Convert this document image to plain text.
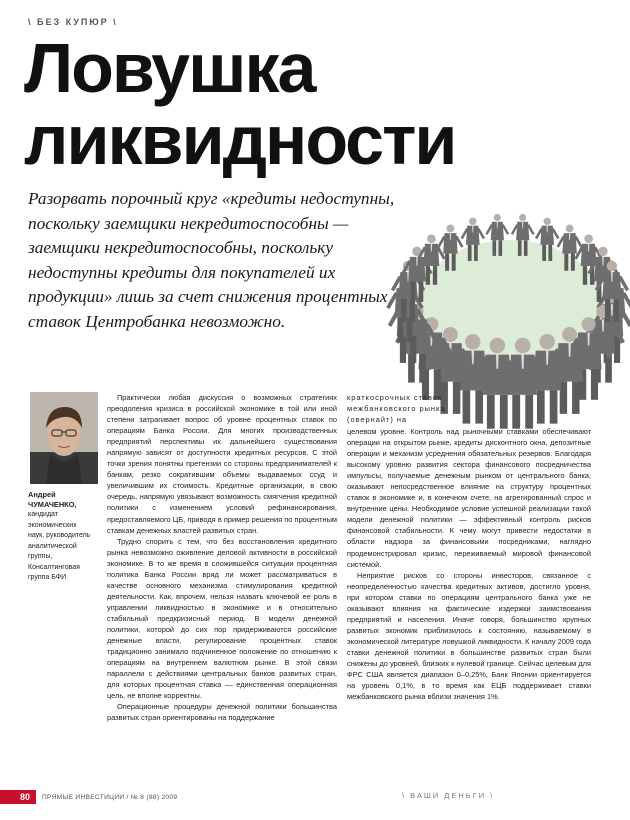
\ БЕЗ КУПЮР \
Ловушка
ликвидности
Разорвать порочный круг «кредиты недоступны, поскольку заемщики некредитоспособны — заемщики некредитоспособны, поскольку недоступны кредиты для покупателей их продукции» лишь за счет снижения процентных ставок Центробанка невозможно.
Андрей ЧУМАЧЕНКО,
кандидат
экономических
наук, руководитель
аналитической
группы,
Консалтинговая
группа БФИ

Практически любая дискуссия о возможных стратегиях преодоления кризиса в российской экономике в той или иной степени затрагивает вопрос об уровне процентных ставок по операциям Банка России. Для многих производственных предприятий перспективы их дальнейшего существования напрямую зависят от доступности кредитных ресурсов. С этой точки зрения понятны претензии со стороны предпринимателей к банкам, резко сократившим объемы выдаваемых ссуд и увеличившим их стоимость. Кредитные организации, в свою очередь, напрямую увязывают возможность смягчения кредитной политики с изменением условий рефинансирования, предоставляемого ЦБ, приводя в пример решения по процентным ставкам денежных властей развитых стран.

Трудно спорить с тем, что без восстановления кредитного рынка невозможно оживление деловой активности в российской экономике. В то же время в сложившейся ситуации процентная политика Банка России вряд ли может рассматриваться в качестве основного механизма стимулирования кредитной деятельности. Как, впрочем, нельзя назвать ключевой ее роль в управлении ликвидностью в экономике и в относительно стабильный предкризисный период. В модели денежной политики, которой до сих пор придерживаются российские денежные власти, регулирование процентных ставок традиционно занимало подчиненное положение по отношению к операциям на внутреннем валютном рынке. В этой связи параллели с действиями центральных банков развитых стран, для которых процентная ставка — единственная операционная цель, не вполне корректны.

Операционные процедуры денежной политики большинства развитых стран ориентированы на поддержание

краткосрочных ставок межбанковского рынка (овернайт) на

целевом уровне. Контроль над рыночными ставками обеспечивают операции на открытом рынке, кредиты дисконтного окна, депозитные операции и механизм усреднения обязательных резервов. Благодаря высокому уровню развития сектора финансового посредничества импульсы, получаемые денежным рынком от центрального банка, оказывают непосредственное влияние на структуру процентных ставок в экономике и, в конечном счете, на агрегированный спрос и внутренние цены. Необходимое условие успешной реализации такой модели денежной политики — эффективный контроль рисков финансовой стабильности. К чему могут привести недостатки в области надзора за финансовыми посредниками, наглядно продемонстрировал кризис, переживаемый мировой финансовой системой.

Неприятие рисков со стороны инвесторов, связанное с неопределенностью качества кредитных активов, достигло уровня, при котором ставки по операциям центрального банка уже не оказывают влияния на фактические издержки заимствования предприятий и населения. Иначе говоря, большинство крупных развитых экономик приблизилось к состоянию, называемому в экономической литературе ловушкой ликвидности. К началу 2009 года ставки денежной политики в большинстве развитых стран были снижены до уровней, близких к нулевой границе. Сейчас целевым для ФРС США является диапазон 0–0,25%, Банк Японии ориентируется на уровень 0,1%, в то время как ЕЦБ поддерживает ставки межбанковского рынка вблизи значения 1%.

80	ПРЯМЫЕ ИНВЕСТИЦИИ / № 8 (88) 2009	\ ВАШИ ДЕНЬГИ \
